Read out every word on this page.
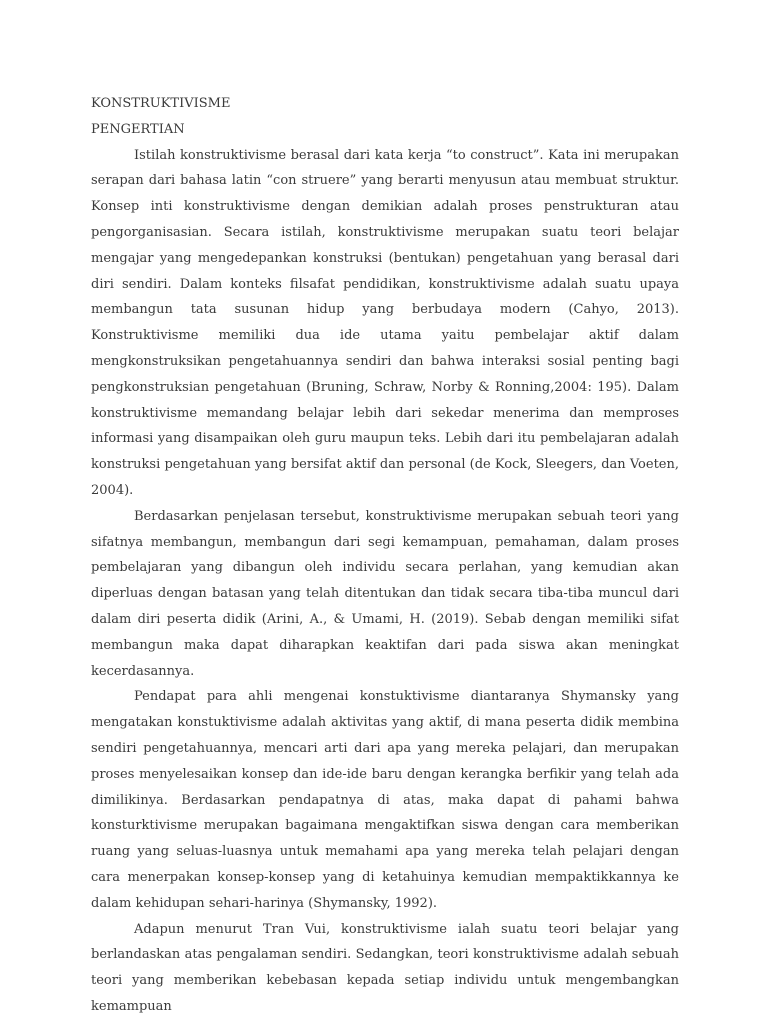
KONSTRUKTIVISME
PENGERTIAN

Istilah konstruktivisme berasal dari kata kerja “to construct”. Kata ini merupakan serapan dari bahasa latin “con struere” yang berarti menyusun atau membuat struktur. Konsep inti konstruktivisme dengan demikian adalah proses penstrukturan atau pengorganisasian. Secara istilah, konstruktivisme merupakan suatu teori belajar mengajar yang mengedepankan konstruksi (bentukan) pengetahuan yang berasal dari diri sendiri. Dalam konteks filsafat pendidikan, konstruktivisme adalah suatu upaya membangun tata susunan hidup yang berbudaya modern (Cahyo, 2013). Konstruktivisme memiliki dua ide utama yaitu pembelajar aktif dalam mengkonstruksikan pengetahuannya sendiri dan bahwa interaksi sosial penting bagi pengkonstruksian pengetahuan (Bruning, Schraw, Norby & Ronning,2004: 195). Dalam konstruktivisme memandang belajar lebih dari sekedar menerima dan memproses informasi yang disampaikan oleh guru maupun teks. Lebih dari itu pembelajaran adalah konstruksi pengetahuan yang bersifat aktif dan personal (de Kock, Sleegers, dan Voeten, 2004).

Berdasarkan penjelasan tersebut, konstruktivisme merupakan sebuah teori yang sifatnya membangun, membangun dari segi kemampuan, pemahaman, dalam proses pembelajaran yang dibangun oleh individu secara perlahan, yang kemudian akan diperluas dengan batasan yang telah ditentukan dan tidak secara tiba-tiba muncul dari dalam diri peserta didik (Arini, A., & Umami, H. (2019). Sebab dengan memiliki sifat membangun maka dapat diharapkan keaktifan dari pada siswa akan meningkat kecerdasannya.

Pendapat para ahli mengenai konstuktivisme diantaranya Shymansky yang mengatakan konstuktivisme adalah aktivitas yang aktif, di mana peserta didik membina sendiri pengetahuannya, mencari arti dari apa yang mereka pelajari, dan merupakan proses menyelesaikan konsep dan ide-ide baru dengan kerangka berfikir yang telah ada dimilikinya. Berdasarkan pendapatnya di atas, maka dapat di pahami bahwa konsturktivisme merupakan bagaimana mengaktifkan siswa dengan cara memberikan ruang yang seluas-luasnya untuk memahami apa yang mereka telah pelajari dengan cara menerpakan konsep-konsep yang di ketahuinya kemudian mempaktikkannya ke dalam kehidupan sehari-harinya (Shymansky, 1992).

Adapun menurut Tran Vui, konstruktivisme ialah suatu teori belajar yang berlandaskan atas pengalaman sendiri. Sedangkan, teori konstruktivisme adalah sebuah teori yang memberikan kebebasan kepada setiap individu untuk mengembangkan kemampuan
